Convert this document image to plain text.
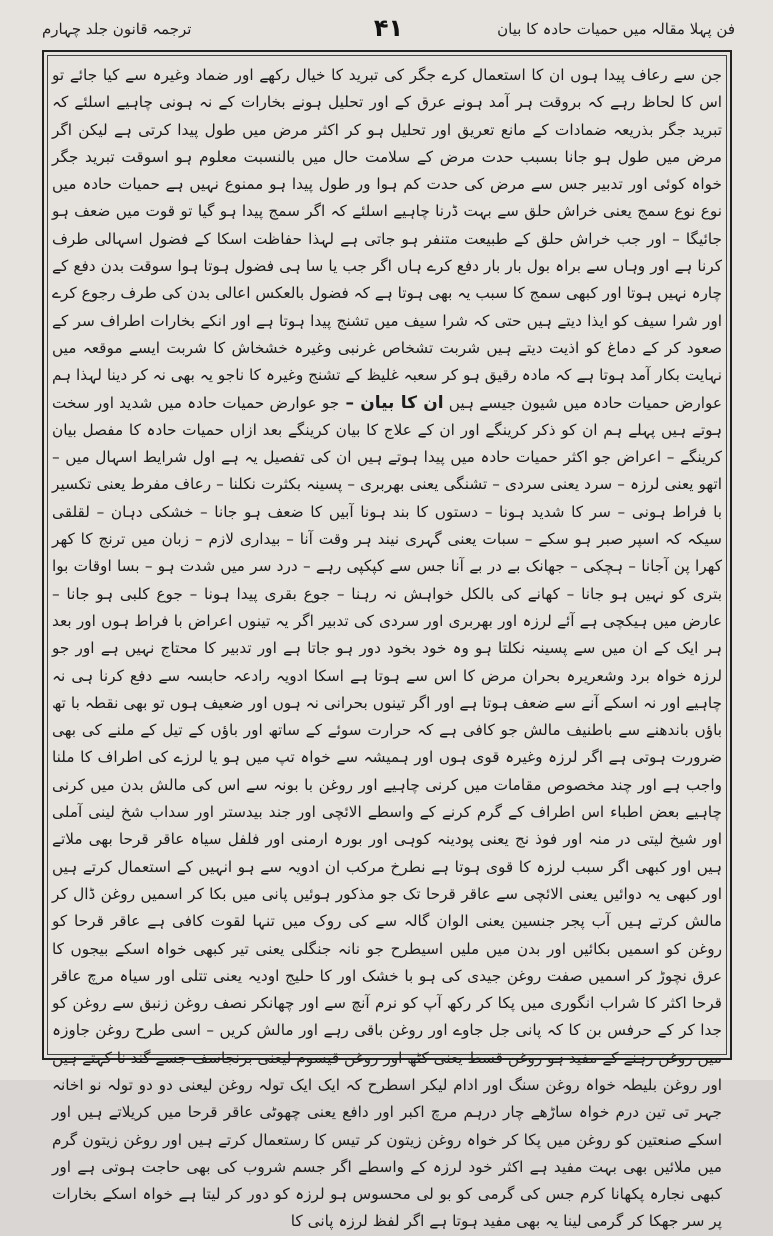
فن پہلا مقالہ میں حمیات حادہ کا بیان
۴۱
ترجمہ قانون جلد چہارم

جن سے رعاف پیدا ہوں ان کا استعمال کرے جگر کی تبرید کا خیال رکھے اور ضماد وغیرہ سے کیا جائے تو اس کا لحاظ رہے کہ بروقت ہر آمد ہونے عرق کے اور تحلیل ہونے بخارات کے نہ ہونی چاہیے اسلئے کہ تبرید جگر بذریعہ ضمادات کے مانع تعریق اور تحلیل ہو کر اکثر مرض میں طول پیدا کرتی ہے لیکن اگر مرض میں طول ہو جانا بسبب حدت مرض کے سلامت حال میں بالنسبت معلوم ہو اسوقت تبرید جگر خواہ کوئی اور تدبیر جس سے مرض کی حدت کم ہوا ور طول پیدا ہو ممنوع نہیں ہے حمیات حادہ میں نوع نوع سمج یعنی خراش حلق سے بہت ڈرنا چاہیے اسلئے کہ اگر سمج پیدا ہو گیا تو قوت میں ضعف ہو جائیگا – اور جب خراش حلق کے طبیعت متنفر ہو جاتی ہے لہذا حفاظت اسکا کے فضول اسہالی طرف کرنا ہے اور وہاں سے براہ بول بار بار دفع کرے ہاں اگر جب یا سا ہی فضول ہوتا ہوا سوقت بدن دفع کے چارہ نہیں ہوتا اور کبھی سمج کا سبب یہ بھی ہوتا ہے کہ فضول بالعکس اعالی بدن کی طرف رجوع کرے اور شرا سیف کو ایذا دیتے ہیں حتی کہ شرا سیف میں تشنج پیدا ہوتا ہے اور انکے بخارات اطراف سر کے صعود کر کے دماغ کو اذیت دیتے ہیں شربت تشخاص غرنبی وغیرہ خشخاش کا شربت ایسے موقعہ میں نہایت بکار آمد ہوتا ہے کہ مادہ رقیق ہو کر سعبہ غلیظ کے تشنج وغیرہ کا ناجو یہ بھی نہ کر دینا لہذا ہم عوارض حمیات حادہ میں شیون جیسے ہیں ان کا بیان – جو عوارض حمیات حادہ میں شدید اور سخت ہوتے ہیں پہلے ہم ان کو ذکر کرینگے اور ان کے علاج کا بیان کرینگے بعد ازاں حمیات حادہ کا مفصل بیان کرینگے – اعراض جو اکثر حمیات حادہ میں پیدا ہوتے ہیں ان کی تفصیل یہ ہے اول شرایط اسہال میں – اتھو یعنی لرزہ – سرد یعنی سردی – تشنگی یعنی بھربری – پسینہ بکثرت نکلنا – رعاف مفرط یعنی تکسیر با فراط ہونی – سر کا شدید ہونا – دستوں کا بند ہونا آبیں کا ضعف ہو جانا – خشکی دہان – لقلقی سیکہ کہ اسپر صبر ہو سکے – سبات یعنی گہری نیند ہر وقت آنا – بیداری لازم – زبان میں ترنج کا کھر کھرا پن آجانا – ہچکی – جھانک بے در بے آنا جس سے کپکپی رہے – درد سر میں شدت ہو – بسا اوقات بوا بتری کو نہیں ہو جانا – کھانے کی بالکل خواہش نہ رہنا – جوع بقری پیدا ہونا – جوع کلبی ہو جانا – عارض میں ہیکچی ہے آئے لرزہ اور بھربری اور سردی کی تدبیر اگر یہ تینوں اعراض با فراط ہوں اور بعد ہر ایک کے ان میں سے پسینہ نکلتا ہو وہ خود بخود دور ہو جاتا ہے اور تدبیر کا محتاج نہیں ہے اور جو لرزہ خواہ برد وشعریرہ بحران مرض کا اس سے ہوتا ہے اسکا ادویہ رادعہ حابسہ سے دفع کرنا ہی نہ چاہیے اور نہ اسکے آنے سے ضعف ہوتا ہے اور اگر تینوں بحرانی نہ ہوں اور ضعیف ہوں تو بھی نقطہ با تھ باؤں باندھنے سے باطنیف مالش جو کافی ہے کہ حرارت سوئے کے ساتھ اور باؤں کے تیل کے ملنے کی بھی ضرورت ہوتی ہے اگر لرزہ وغیرہ قوی ہوں اور ہمیشہ سے خواہ تپ میں ہو یا لرزے کی اطراف کا ملنا واجب ہے اور چند مخصوص مقامات میں کرنی چاہیے اور روغن با بونہ سے اس کی مالش بدن میں کرنی چاہیے بعض اطباء اس اطراف کے گرم کرنے کے واسطے الائچی اور جند بیدستر اور سداب شخ لینی آملی اور شیخ لیتی در منہ اور فوذ نج یعنی پودینہ کوہی اور بورہ ارمنی اور فلفل سیاہ عاقر قرحا بھی ملاتے ہیں اور کبھی اگر سبب لرزہ کا قوی ہوتا ہے نطرخ مرکب ان ادویہ سے ہو انہیں کے استعمال کرتے ہیں اور کبھی یہ دوائیں یعنی الائچی سے عاقر قرحا تک جو مذکور ہوئیں پانی میں بکا کر اسمیں روغن ڈال کر مالش کرتے ہیں آب پجر جنسین یعنی الوان گالہ سے کی روک میں تنہا لقوت کافی ہے عاقر قرحا کو روغن کو اسمیں بکائیں اور بدن میں ملیں اسیطرح جو نانہ جنگلی یعنی تیر کبھی خواہ اسکے بیجوں کا عرق نچوڑ کر اسمیں صفت روغن جیدی کی ہو با خشک اور کا حلیج اودیہ یعنی تتلی اور سیاہ مرچ عاقر قرحا اکثر کا شراب انگوری میں پکا کر رکھ آپ کو نرم آنچ سے اور چھانکر نصف روغن زنبق سے روغن کو جدا کر کے حرفس بن کا کہ پانی جل جاوے اور روغن باقی رہے اور مالش کریں – اسی طرح روغن جاوزہ میں روغن رہنے کے مفید ہو روغن قسط یعنی کٹھ اور روغن قیسوم لیعنی برنجاسف جسے گند نا کہتے ہیں اور روغن بلیطہ خواہ روغن سنگ اور ادام لیکر اسطرح کہ ایک ایک تولہ روغن لیعنی دو دو تولہ نو اخانہ جہر تی تین درم خواہ ساڑھے چار درہم مرچ اکبر اور دافع یعنی چھوٹی عاقر قرحا میں کریلاتے ہیں اور اسکے صنعتین کو روغن میں پکا کر خواہ روغن زیتون کر تیس کا رستعمال کرتے ہیں اور روغن زیتون گرم میں ملائیں بھی بہت مفید ہے اکثر خود لرزہ کے واسطے اگر جسم شروب کی بھی حاجت ہوتی ہے اور کبھی نجارہ پکھانا کرم جس کی گرمی کو بو لی محسوس ہو لرزہ کو دور کر لیتا ہے خواہ اسکے بخارات پر سر جھکا کر گرمی لینا یہ بھی مفید ہوتا ہے اگر لفظ لرزہ پانی کا
